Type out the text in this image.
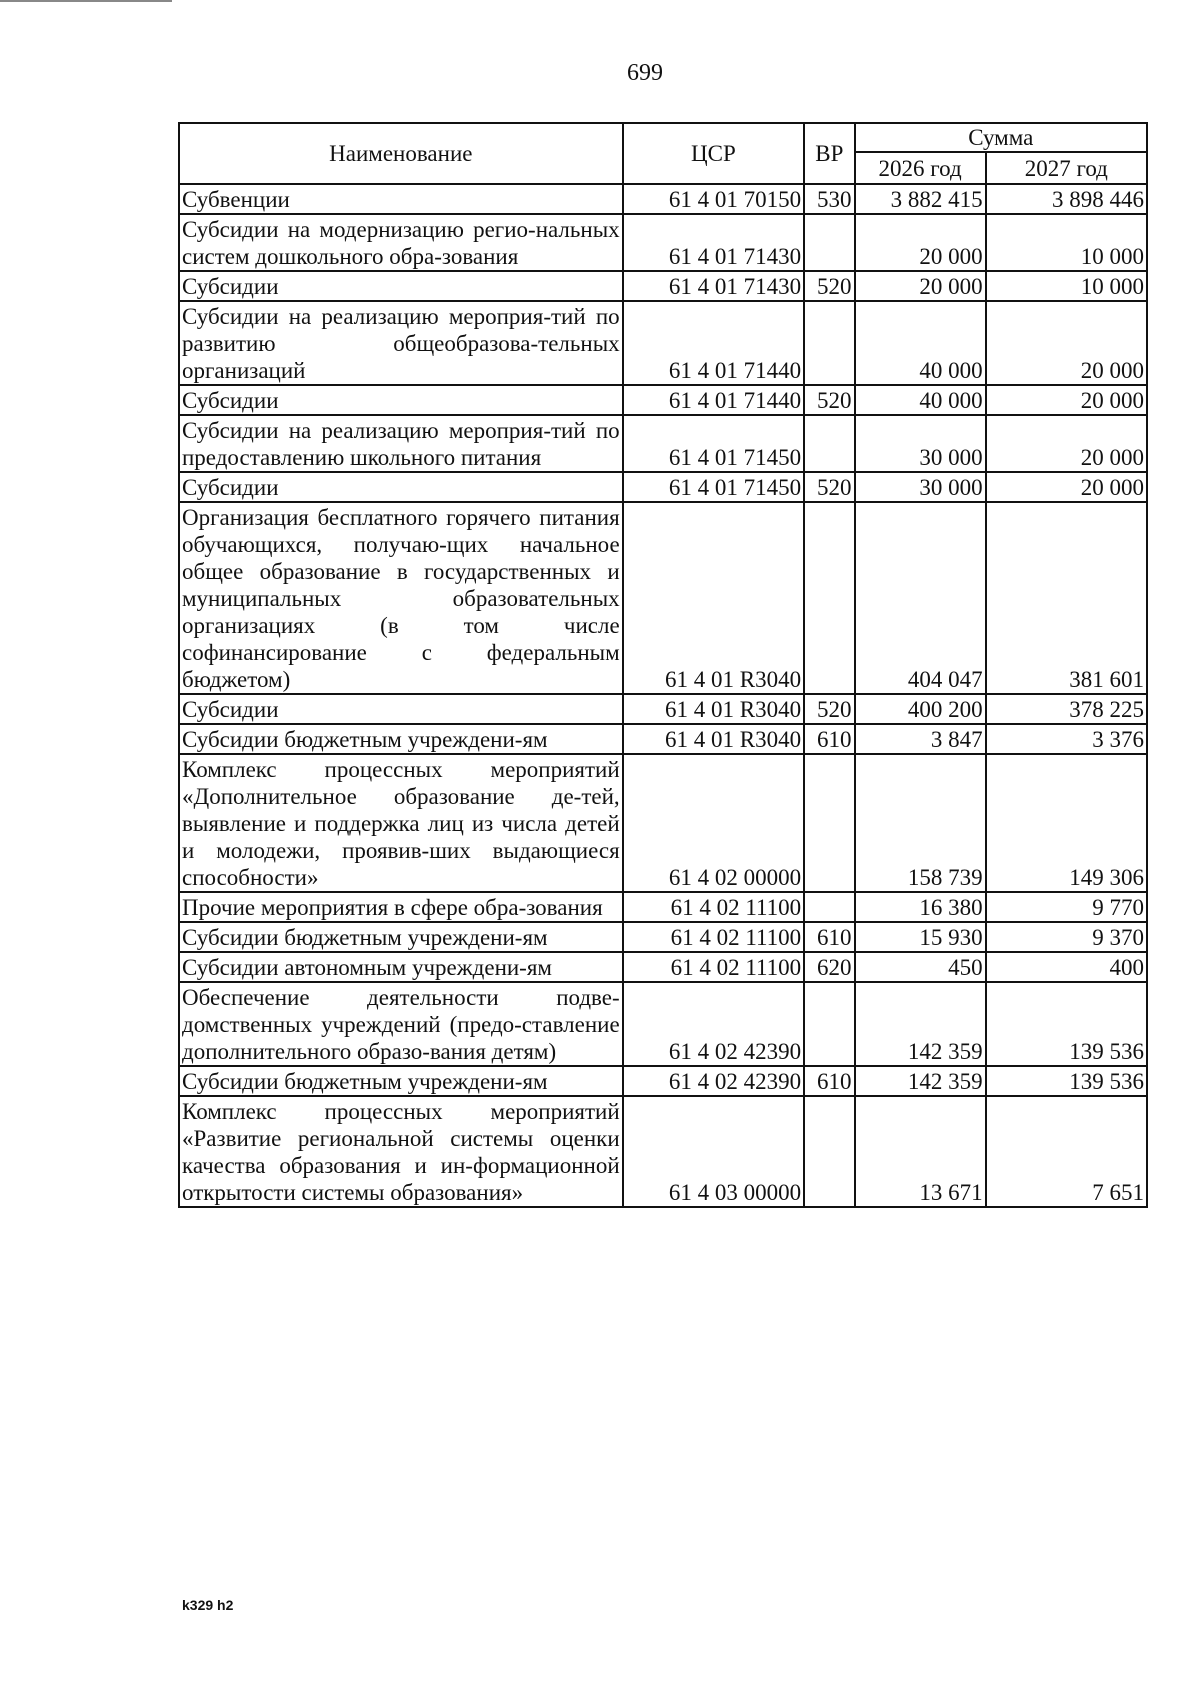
699
Наименование	ЦСР	ВР	Сумма	
			2026 год	2027 год
Субвенции	61 4 01 70150	530	3 882 415	3 898 446
Субсидии на модернизацию регио-нальных систем дошкольного обра-зования	61 4 01 71430		20 000	10 000
Субсидии	61 4 01 71430	520	20 000	10 000
Субсидии на реализацию мероприя-тий по развитию общеобразова-тельных организаций	61 4 01 71440		40 000	20 000
Субсидии	61 4 01 71440	520	40 000	20 000
Субсидии на реализацию мероприя-тий по предоставлению школьного питания	61 4 01 71450		30 000	20 000
Субсидии	61 4 01 71450	520	30 000	20 000
Организация бесплатного горячего питания обучающихся, получаю-щих начальное общее образование в государственных и муниципальных образовательных организациях (в том числе софинансирование с федеральным бюджетом)	61 4 01 R3040		404 047	381 601
Субсидии	61 4 01 R3040	520	400 200	378 225
Субсидии бюджетным учреждени-ям	61 4 01 R3040	610	3 847	3 376
Комплекс процессных мероприятий «Дополнительное образование де-тей, выявление и поддержка лиц из числа детей и молодежи, проявив-ших выдающиеся способности»	61 4 02 00000		158 739	149 306
Прочие мероприятия в сфере обра-зования	61 4 02 11100		16 380	9 770
Субсидии бюджетным учреждени-ям	61 4 02 11100	610	15 930	9 370
Субсидии автономным учреждени-ям	61 4 02 11100	620	450	400
Обеспечение деятельности подве-домственных учреждений (предо-ставление дополнительного образо-вания детям)	61 4 02 42390		142 359	139 536
Субсидии бюджетным учреждени-ям	61 4 02 42390	610	142 359	139 536
Комплекс процессных мероприятий «Развитие региональной системы оценки качества образования и ин-формационной открытости системы образования»	61 4 03 00000		13 671	7 651
k329 h2
